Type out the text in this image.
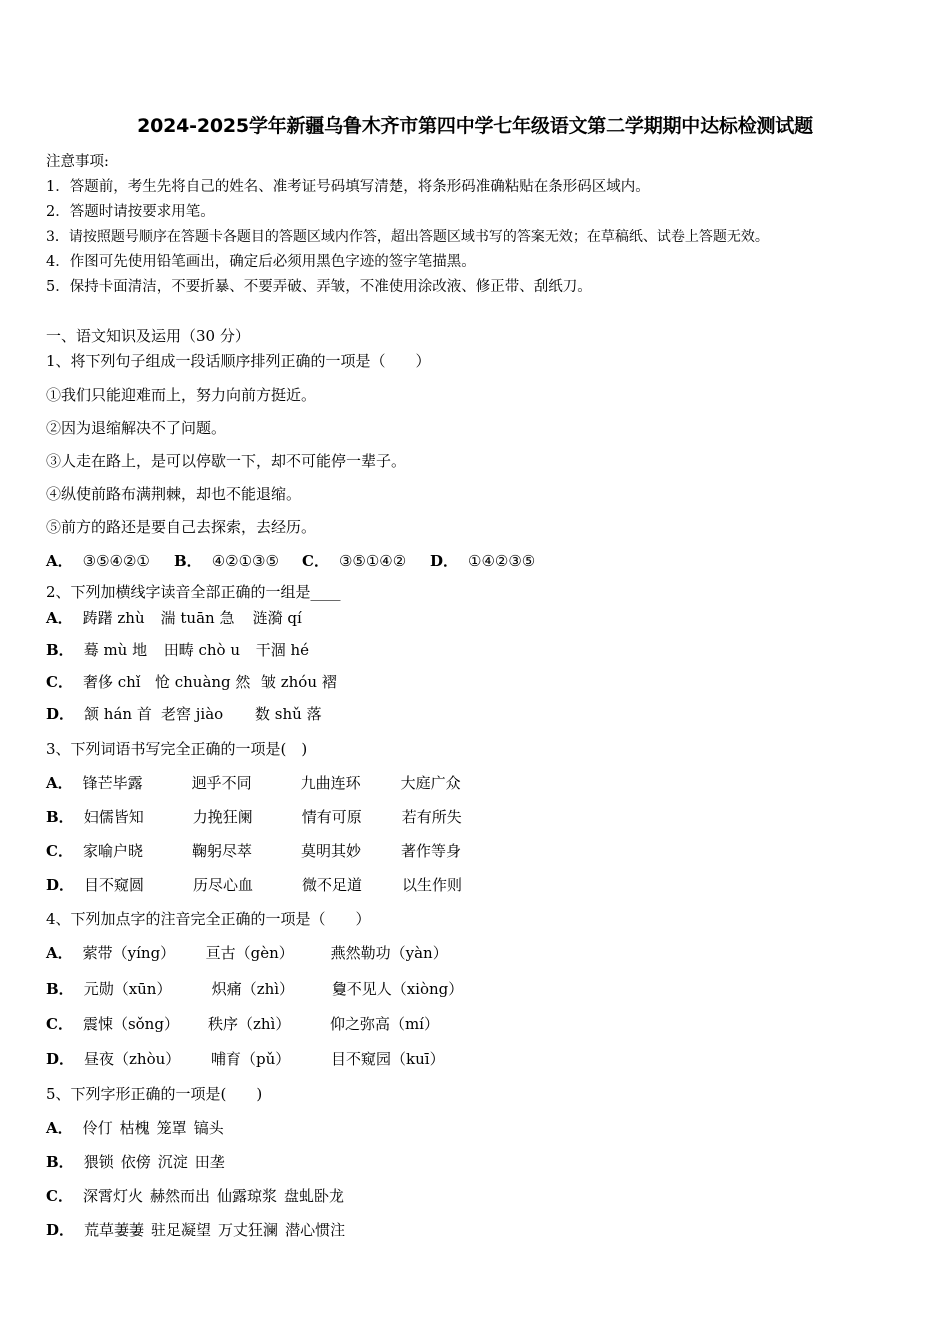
2024-2025学年新疆乌鲁木齐市第四中学七年级语文第二学期期中达标检测试题
注意事项:
1．答题前，考生先将自己的姓名、准考证号码填写清楚，将条形码准确粘贴在条形码区域内。
2．答题时请按要求用笔。
3．请按照题号顺序在答题卡各题目的答题区域内作答，超出答题区域书写的答案无效；在草稿纸、试卷上答题无效。
4．作图可先使用铅笔画出，确定后必须用黑色字迹的签字笔描黑。
5．保持卡面清洁，不要折暴、不要弄破、弄皱，不准使用涂改液、修正带、刮纸刀。
一、语文知识及运用（30 分）
1、将下列句子组成一段话顺序排列正确的一项是（　　）
①我们只能迎难而上，努力向前方挺近。
②因为退缩解决不了问题。
③人走在路上，是可以停歇一下，却不可能停一辈子。
④纵使前路布满荆棘，却也不能退缩。
⑤前方的路还是要自己去探索，去经历。
A． ③⑤④②① B． ④②①③⑤ C． ③⑤①④② D． ①④②③⑤
2、下列加横线字读音全部正确的一组是____
A． 踌躇 zhù 湍 tuān 急 涟漪 qí
B． 蓦 mù 地 田畴 chò u 干涸 hé
C． 奢侈 chǐ 怆 chuàng 然 皱 zhóu 褶
D． 颔 hán 首 老窖 jiào 数 shǔ 落
3、下列词语书写完全正确的一项是(　)
A． 锋芒毕露	迥乎不同	九曲连环	大庭广众
B． 妇儒皆知	力挽狂阑	情有可原	若有所失
C． 家喻户晓	鞠躬尽萃	莫明其妙	著作等身
D． 目不窥圆	历尽心血	微不足道	以生作则
4、下列加点字的注音完全正确的一项是（　　）
A． 萦带（yíng） 亘古（gèn） 燕然勒功（yàn）
B． 元勋（xūn）	炽痛（zhì）	敻不见人（xiòng）
C． 震悚（sǒng） 秩序（zhì）	仰之弥高（mí）
D． 昼夜（zhòu） 哺育（pǔ）	目不窥园（kuī）
5、下列字形正确的一项是(　　)
A． 伶仃 枯槐 笼罩 镐头
B． 猥锁 依傍 沉淀 田垄
C． 深霄灯火 赫然而出 仙露琼浆 盘虬卧龙
D． 荒草萋萋 驻足凝望 万丈狂澜 潜心惯注
